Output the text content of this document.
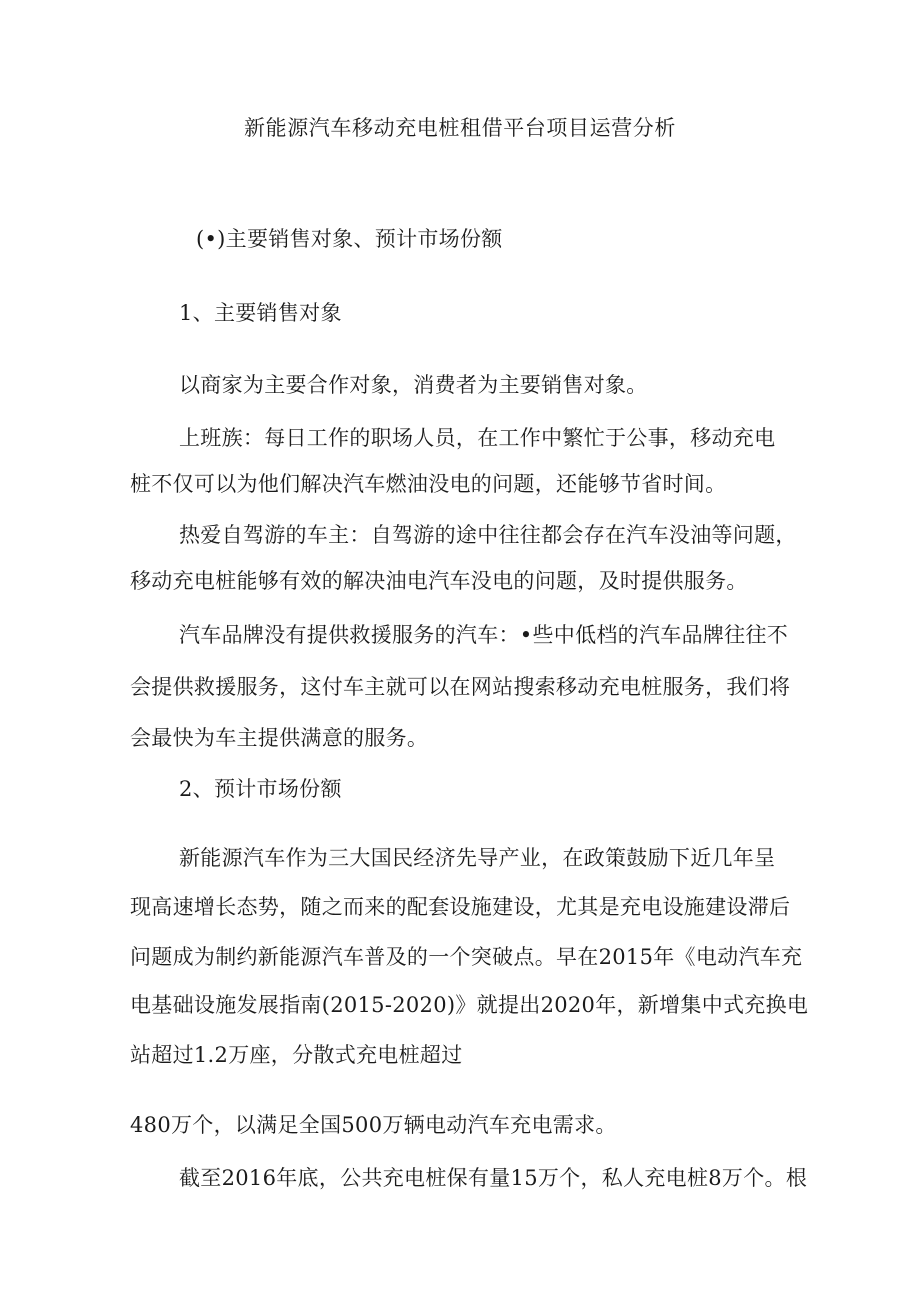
新能源汽车移动充电桩租借平台项目运营分析
(•)主要销售对象、预计市场份额
1、主要销售对象
以商家为主要合作对象，消费者为主要销售对象。
上班族：每日工作的职场人员，在工作中繁忙于公事，移动充电
桩不仅可以为他们解决汽车燃油没电的问题，还能够节省时间。
热爱自驾游的车主：自驾游的途中往往都会存在汽车没油等问题，
移动充电桩能够有效的解决油电汽车没电的问题，及时提供服务。
汽车品牌没有提供救援服务的汽车：•些中低档的汽车品牌往往不
会提供救援服务，这付车主就可以在网站搜索移动充电桩服务，我们将
会最快为车主提供满意的服务。
2、预计市场份额
新能源汽车作为三大国民经济先导产业，在政策鼓励下近几年呈
现高速增长态势，随之而来的配套设施建设，尤其是充电设施建设滞后
问题成为制约新能源汽车普及的一个突破点。早在2015年《电动汽车充
电基础设施发展指南(2015-2020)》就提出2020年，新增集中式充换电
站超过1.2万座，分散式充电桩超过
480万个，以满足全国500万辆电动汽车充电需求。
截至2016年底，公共充电桩保有量15万个，私人充电桩8万个。根
